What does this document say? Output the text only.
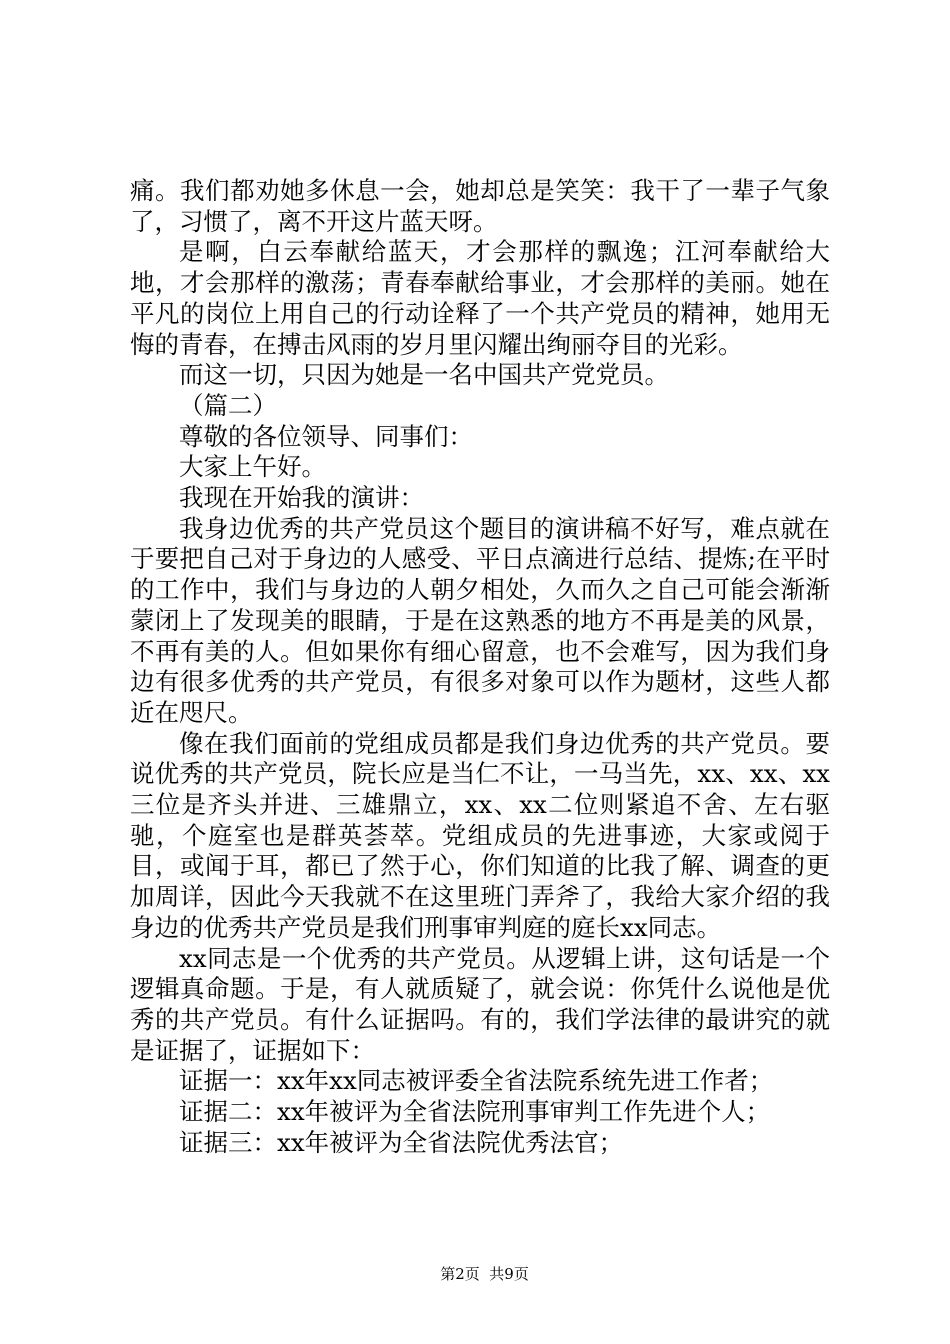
痛。我们都劝她多休息一会，她却总是笑笑：我干了一辈子气象了，习惯了，离不开这片蓝天呀。

是啊，白云奉献给蓝天，才会那样的飘逸；江河奉献给大地，才会那样的激荡；青春奉献给事业，才会那样的美丽。她在平凡的岗位上用自己的行动诠释了一个共产党员的精神，她用无悔的青春，在搏击风雨的岁月里闪耀出绚丽夺目的光彩。

而这一切，只因为她是一名中国共产党党员。

（篇二）

尊敬的各位领导、同事们：

大家上午好。

我现在开始我的演讲：

我身边优秀的共产党员这个题目的演讲稿不好写，难点就在于要把自己对于身边的人感受、平日点滴进行总结、提炼;在平时的工作中，我们与身边的人朝夕相处，久而久之自己可能会渐渐蒙闭上了发现美的眼睛，于是在这熟悉的地方不再是美的风景，不再有美的人。但如果你有细心留意，也不会难写，因为我们身边有很多优秀的共产党员，有很多对象可以作为题材，这些人都近在咫尺。

像在我们面前的党组成员都是我们身边优秀的共产党员。要说优秀的共产党员，院长应是当仁不让，一马当先，xx、xx、xx三位是齐头并进、三雄鼎立，xx、xx二位则紧追不舍、左右驱驰，个庭室也是群英荟萃。党组成员的先进事迹，大家或阅于目，或闻于耳，都已了然于心，你们知道的比我了解、调查的更加周详，因此今天我就不在这里班门弄斧了，我给大家介绍的我身边的优秀共产党员是我们刑事审判庭的庭长xx同志。

xx同志是一个优秀的共产党员。从逻辑上讲，这句话是一个逻辑真命题。于是，有人就质疑了，就会说：你凭什么说他是优秀的共产党员。有什么证据吗。有的，我们学法律的最讲究的就是证据了，证据如下：

证据一：xx年xx同志被评委全省法院系统先进工作者；

证据二：xx年被评为全省法院刑事审判工作先进个人；

证据三：xx年被评为全省法院优秀法官；

第2页  共9页
